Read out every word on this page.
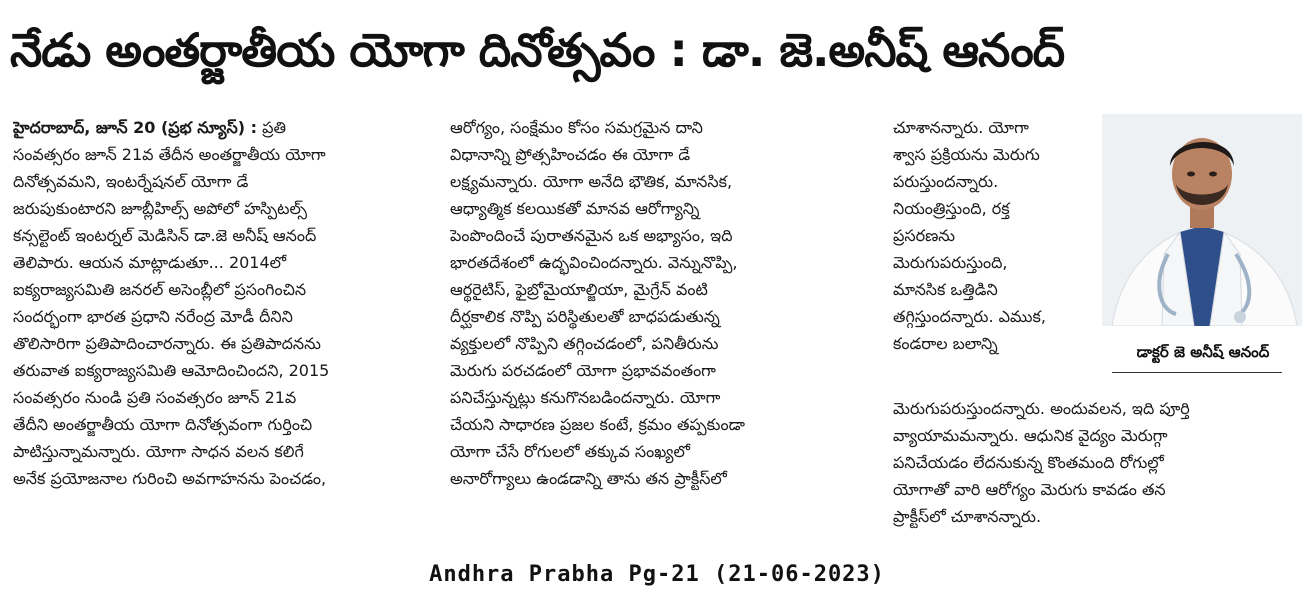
నేడు అంతర్జాతీయ యోగా దినోత్సవం : డా. జె.అనీష్ ఆనంద్
హైదరాబాద్, జూన్ 20 (ప్రభ న్యూస్) : ప్రతి
సంవత్సరం జూన్ 21వ తేదీన అంతర్జాతీయ యోగా
దినోత్సవమని, ఇంటర్నేషనల్ యోగా డే
జరుపుకుంటారని జూబ్లీహిల్స్ అపోలో హస్పిటల్స్
కన్సల్టెంట్ ఇంటర్నల్ మెడిసిన్ డా.జె అనీష్ ఆనంద్
తెలిపారు. ఆయన మాట్లాడుతూ... 2014లో
ఐక్యరాజ్యసమితి జనరల్ అసెంబ్లీలో ప్రసంగించిన
సందర్భంగా భారత ప్రధాని నరేంద్ర మోడీ దీనిని
తొలిసారిగా ప్రతిపాదించారన్నారు. ఈ ప్రతిపాదనను
తరువాత ఐక్యరాజ్యసమితి ఆమోదించిందని, 2015
సంవత్సరం నుండి ప్రతి సంవత్సరం జూన్ 21వ
తేదీని అంతర్జాతీయ యోగా దినోత్సవంగా గుర్తించి
పాటిస్తున్నామన్నారు. యోగా సాధన వలన కలిగే
అనేక ప్రయోజనాల గురించి అవగాహనను పెంచడం,
ఆరోగ్యం, సంక్షేమం కోసం సమగ్రమైన దాని
విధానాన్ని ప్రోత్సహించడం ఈ యోగా డే
లక్ష్యమన్నారు. యోగా అనేది భౌతిక, మానసిక,
ఆధ్యాత్మిక కలయికతో మానవ ఆరోగ్యాన్ని
పెంపొందించే పురాతనమైన ఒక అభ్యాసం, ఇది
భారతదేశంలో ఉద్భవించిందన్నారు. వెన్నునొప్పి,
ఆర్థరైటిస్, ఫైబ్రోమైయాల్జియా, మైగ్రేన్ వంటి
దీర్ఘకాలిక నొప్పి పరిస్థితులతో బాధపడుతున్న
వ్యక్తులలో నొప్పిని తగ్గించడంలో, పనితీరును
మెరుగు పరచడంలో యోగా ప్రభావవంతంగా
పనిచేస్తున్నట్లు కనుగొనబడిందన్నారు. యోగా
చేయని సాధారణ ప్రజల కంటే, క్రమం తప్పకుండా
యోగా చేసే రోగులలో తక్కువ సంఖ్యలో
అనారోగ్యాలు ఉండడాన్ని తాను తన ప్రాక్టీస్‌లో
చూశానన్నారు. యోగా
శ్వాస ప్రక్రియను మెరుగు
పరుస్తుందన్నారు.
నియంత్రిస్తుంది, రక్త
ప్రసరణను
మెరుగుపరుస్తుంది,
మానసిక ఒత్తిడిని
తగ్గిస్తుందన్నారు. ఎముక,
కండరాల బలాన్ని
మెరుగుపరుస్తుందన్నారు. అందువలన, ఇది పూర్తి
వ్యాయామమన్నారు. ఆధునిక వైద్యం మెరుగ్గా
పనిచేయడం లేదనుకున్న కొంతమంది రోగుల్లో
యోగాతో వారి ఆరోగ్యం మెరుగు కావడం తన
ప్రాక్టీస్‌లో చూశానన్నారు.
డాక్టర్ జె అనీష్ ఆనంద్
Andhra Prabha Pg-21 (21-06-2023)
